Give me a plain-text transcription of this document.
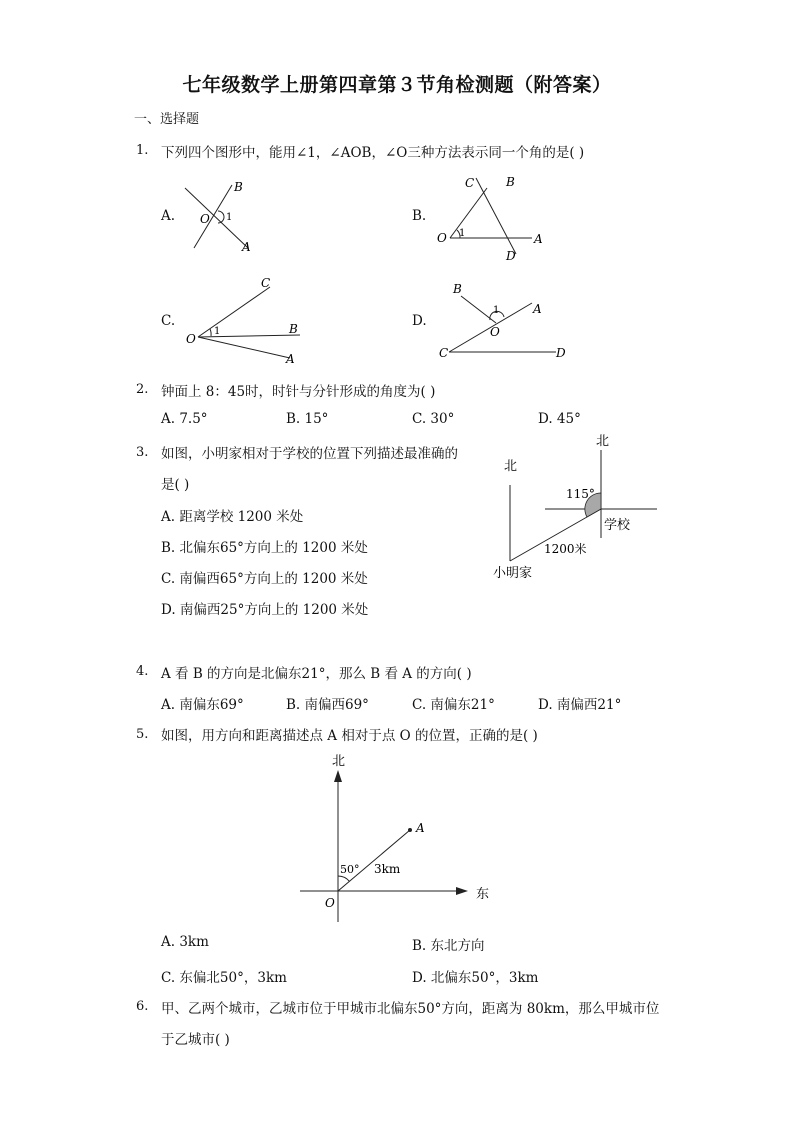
七年级数学上册第四章第３节角检测题（附答案）
一、选择题
1. 下列四个图形中，能用∠1，∠AOB，∠O三种方法表示同一个角的是( )
A.	B.
C.	D.
B
O 1
A
C	B
O 1	A
D
C
O
1	B
A
B
1	A
O
C	D
2. 钟面上 8：45时，时针与分针形成的角度为( )
A. 7.5°	B. 15°	C. 30°	D. 45°
3. 如图，小明家相对于学校的位置下列描述最准确的
是( )
A. 距离学校 1200 米处
B. 北偏东65°方向上的 1200 米处
C. 南偏西65°方向上的 1200 米处
D. 南偏西25°方向上的 1200 米处
北
北
115°
学校
1200米
小明家
4. A 看 B 的方向是北偏东21°，那么 B 看 A 的方向( )
A. 南偏东69°	B. 南偏西69°	C. 南偏东21°	D. 南偏西21°
5. 如图，用方向和距离描述点 A 相对于点 O 的位置，正确的是( )
北
A
50° 3km
O
东
A. 3km	B. 东北方向
C. 东偏北50°，3km	D. 北偏东50°，3km
6. 甲、乙两个城市，乙城市位于甲城市北偏东50°方向，距离为 80km，那么甲城市位
于乙城市( )
